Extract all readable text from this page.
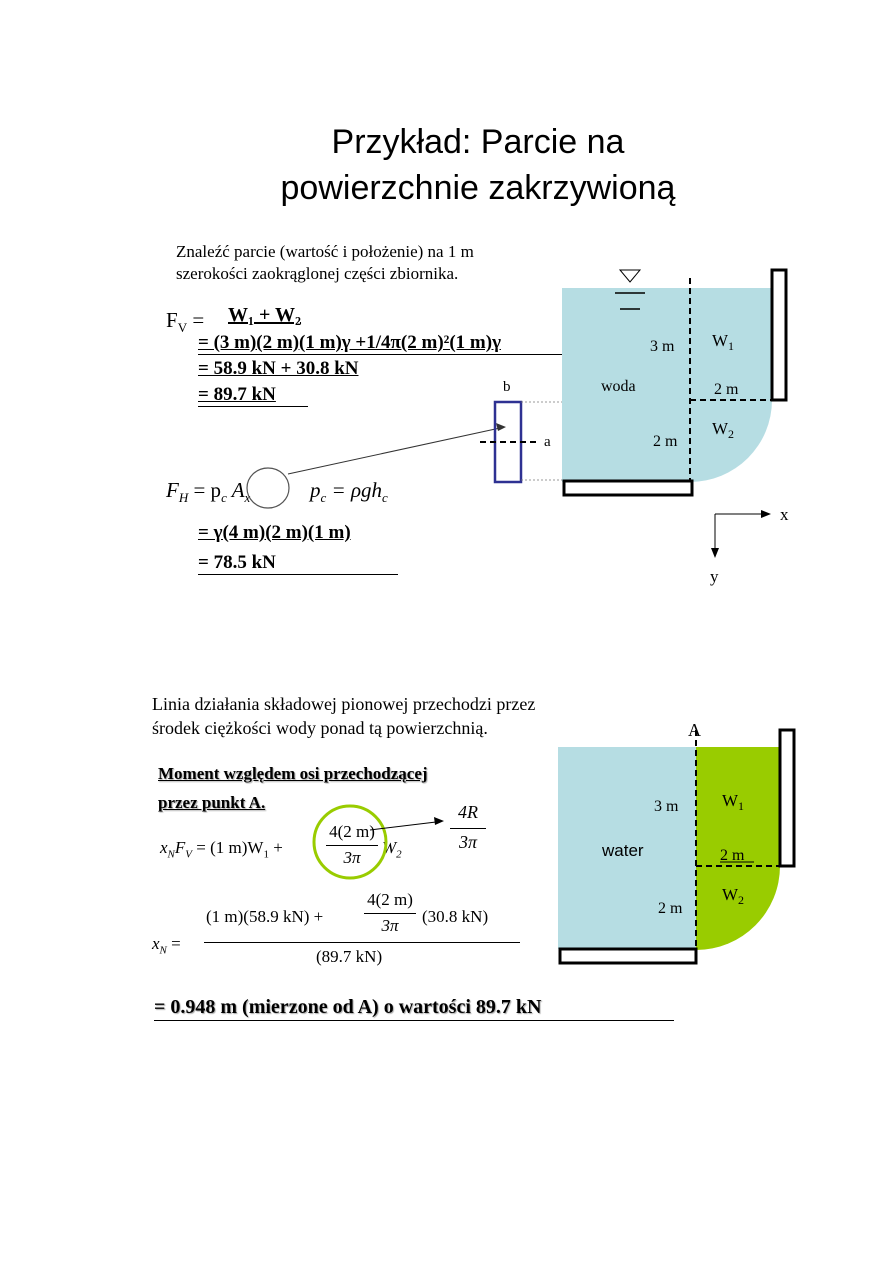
Przykład: Parcie na
powierzchnie zakrzywioną
Znaleźć parcie (wartość i położenie) na 1 m
szerokości zaokrąglonej części zbiornika.
$F_V = W_1 + W_2$
= (3 m)(2 m)(1 m)γ +1/4π(2 m)²(1 m)γ
= 58.9 kN + 30.8 kN
= 89.7 kN
$F_H = p_c$ $A_x$	$p_c = \rho gh_c$
= γ(4 m)(2 m)(1 m)
= 78.5 kN
b
a
3 m
2 m
2 m
$W_1$
$W_2$
woda
x
y
Linia działania składowej pionowej przechodzi przez
środek ciężkości wody ponad tą powierzchnią.
Moment względem osi przechodzącej
przez punkt A.
$x_NF_V = (1$ $m)W_1$ +
4(2 m)
3π
$W_2$
4R
3π
$x_N$ =
(1 m)(58.9 kN) +
4(2 m)
3π	(30.8 kN)
(89.7 kN)
= 0.948 m (mierzone od A) o wartości 89.7 kN
A
3 m
2 m
2 m
$W_1$
$W_2$
water
